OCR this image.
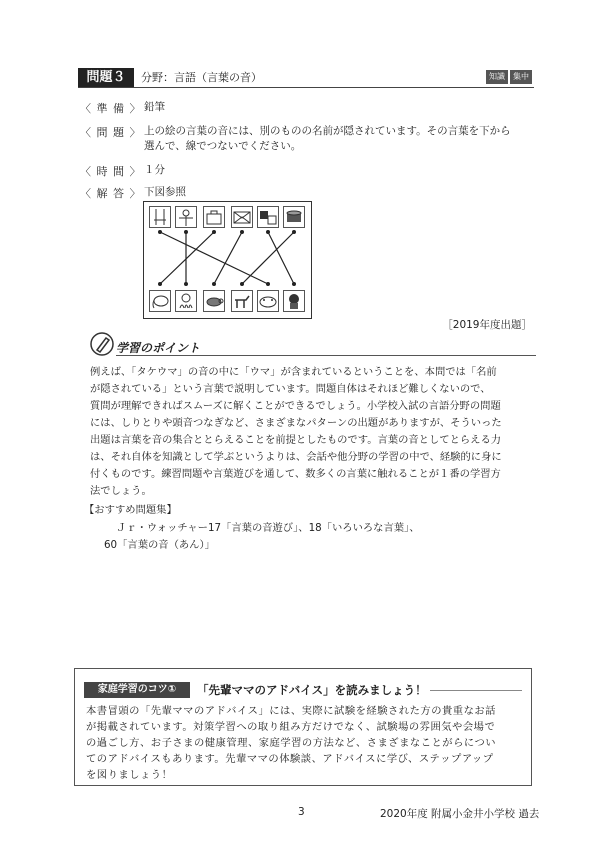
問題３	分野：言語（言葉の音）	知識	集中
〈 準 備 〉 鉛筆
〈 問 題 〉 上の絵の言葉の音には、別のものの名前が隠されています。その言葉を下から
選んで、線でつないでください。
〈 時 間 〉 １分
〈 解 答 〉 下図参照
［2019年度出題］
学習のポイント
例えば、「タケウマ」の音の中に「ウマ」が含まれているということを、本問では「名前
が隠されている」という言葉で説明しています。問題自体はそれほど難しくないので、
質問が理解できればスムーズに解くことができるでしょう。小学校入試の言語分野の問題
には、しりとりや頭音つなぎなど、さまざまなパターンの出題がありますが、そういった
出題は言葉を音の集合ととらえることを前提としたものです。言葉の音としてとらえる力
は、それ自体を知識として学ぶというよりは、会話や他分野の学習の中で、経験的に身に
付くものです。練習問題や言葉遊びを通して、数多くの言葉に触れることが１番の学習方
法でしょう。
【おすすめ問題集】
Ｊｒ・ウォッチャー17「言葉の音遊び」、18「いろいろな言葉」、
60「言葉の音（あん）」
家庭学習のコツ①	「先輩ママのアドバイス」を読みましょう！
本書冒頭の「先輩ママのアドバイス」には、実際に試験を経験された方の貴重なお話
が掲載されています。対策学習への取り組み方だけでなく、試験場の雰囲気や会場で
の過ごし方、お子さまの健康管理、家庭学習の方法など、さまざまなことがらについ
てのアドバイスもあります。先輩ママの体験談、アドバイスに学び、ステップアップ
を図りましょう！
3	2020年度 附属小金井小学校 過去
